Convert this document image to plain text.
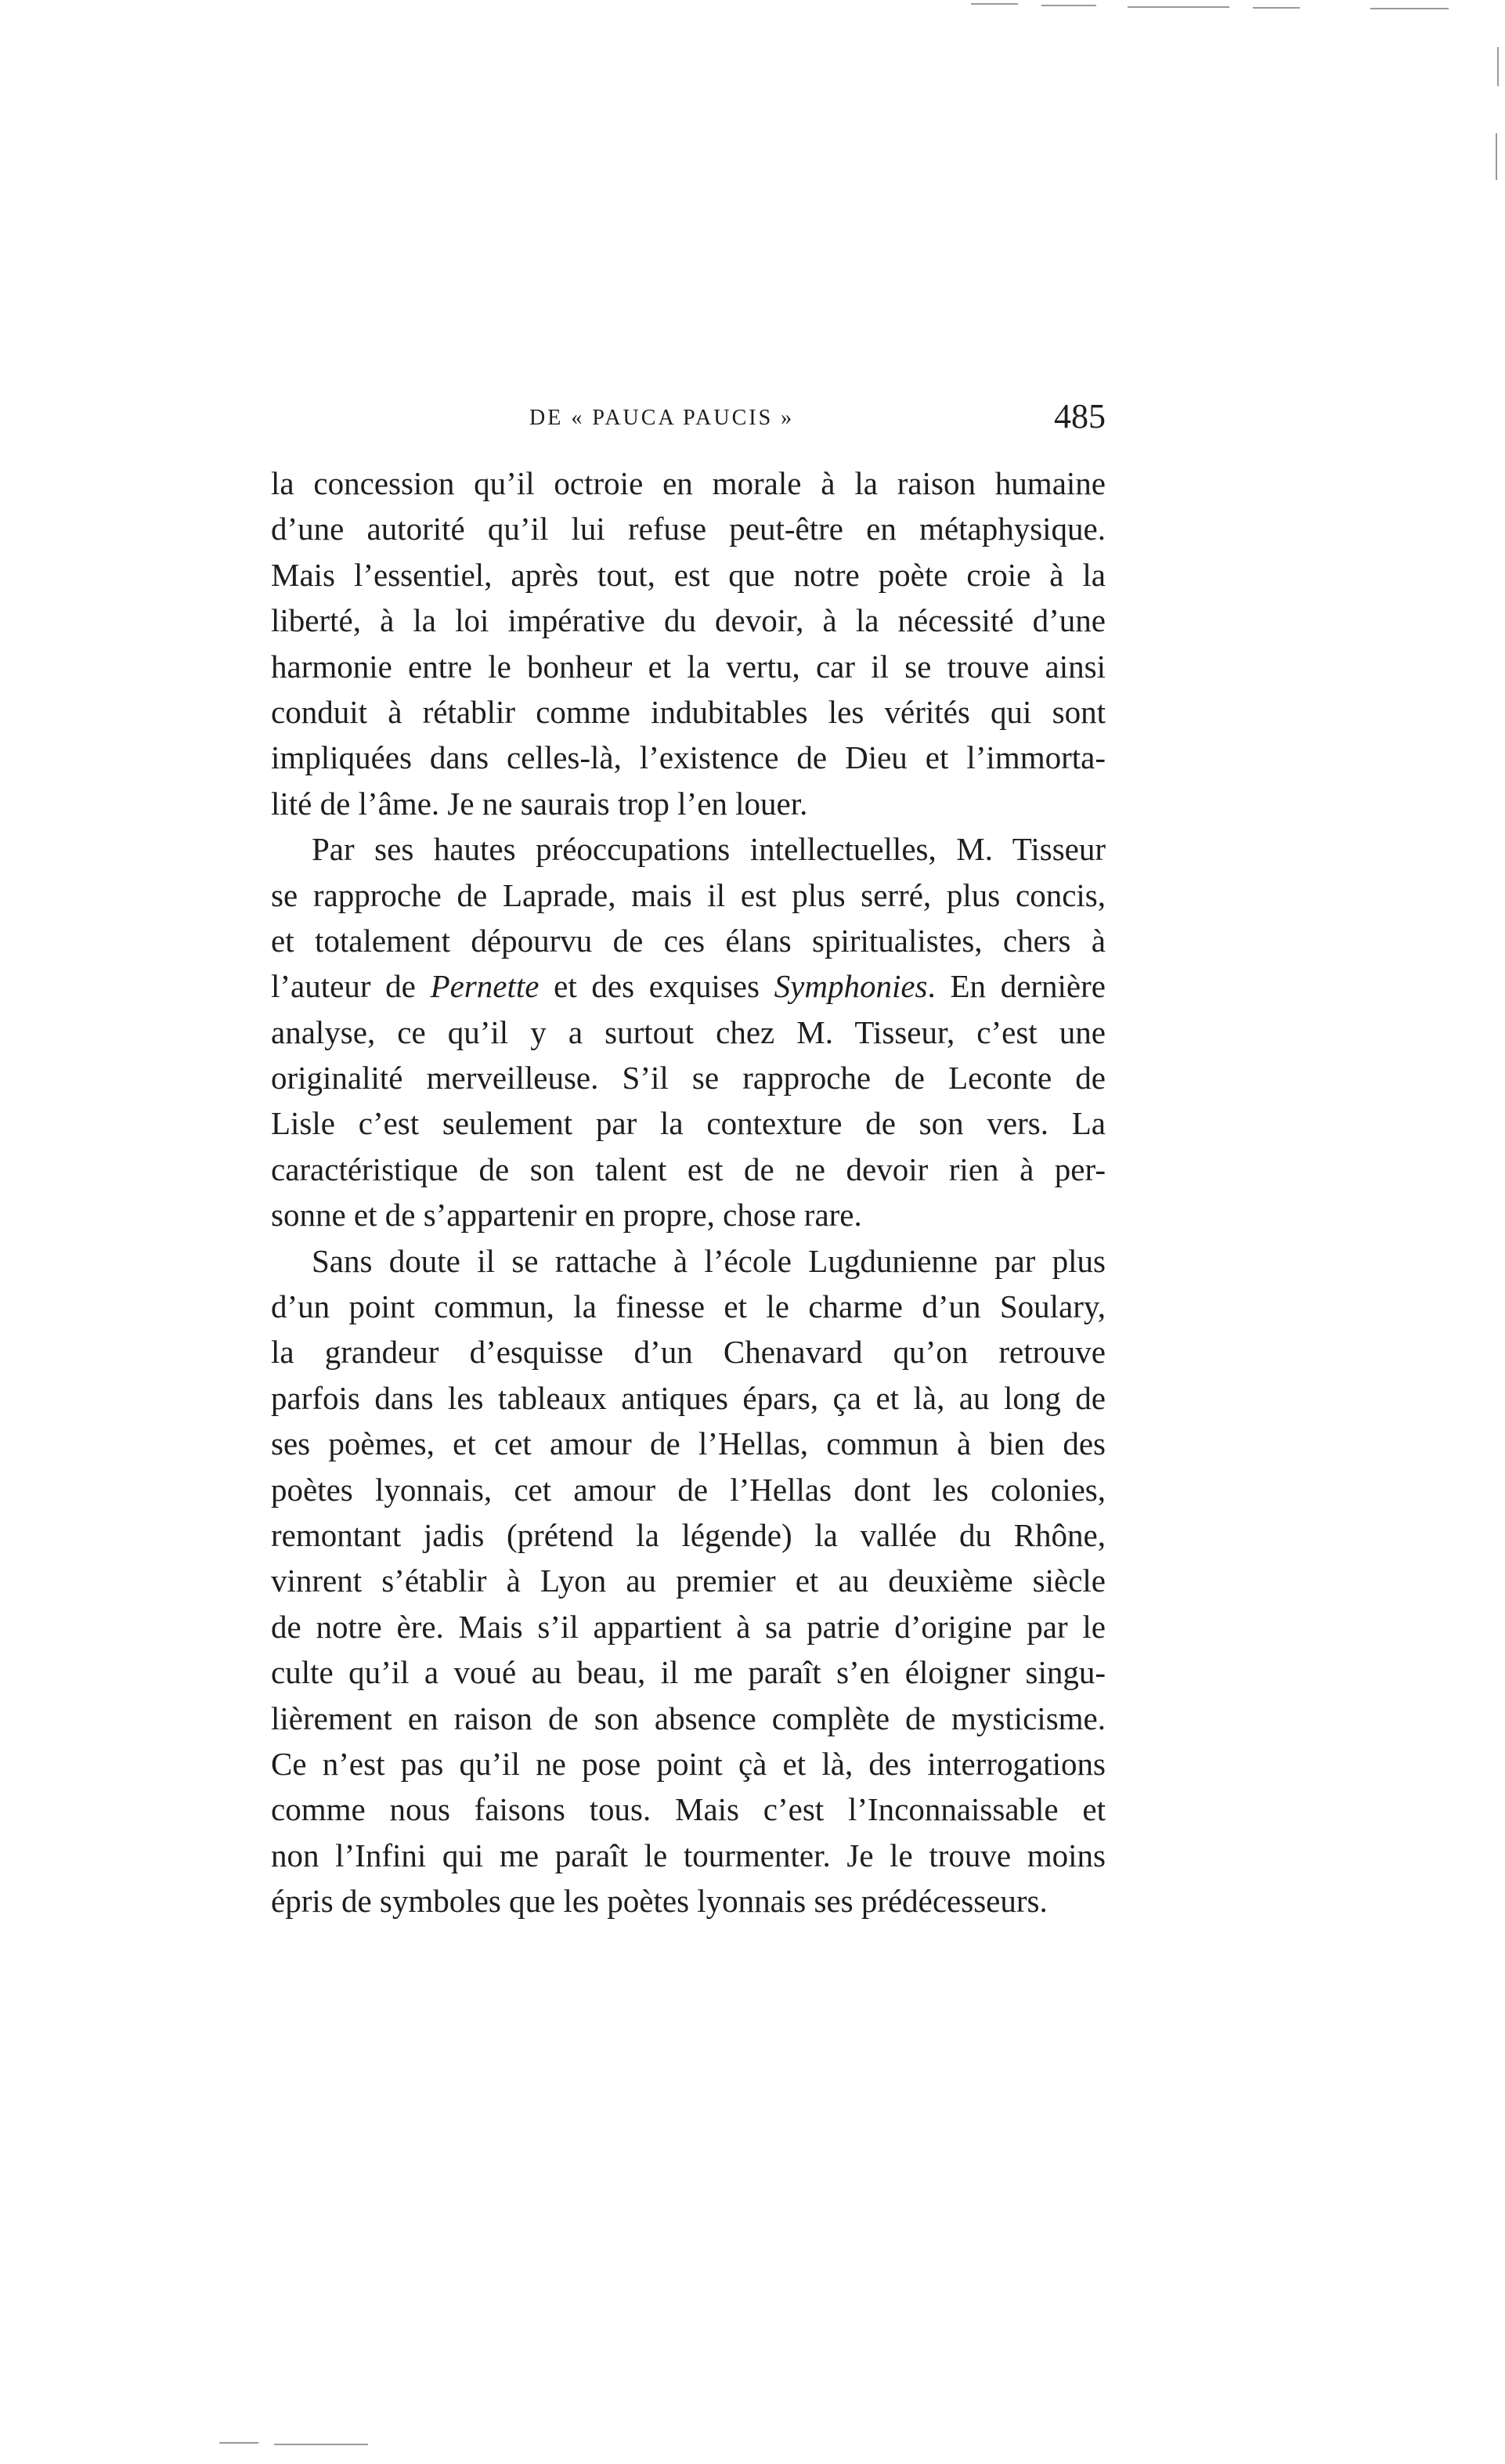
DE « PAUCA PAUCIS »	485
la concession qu’il octroie en morale à la raison humaine
d’une autorité qu’il lui refuse peut-être en métaphysique.
Mais l’essentiel, après tout, est que notre poète croie à la
liberté, à la loi impérative du devoir, à la nécessité d’une
harmonie entre le bonheur et la vertu, car il se trouve ainsi
conduit à rétablir comme indubitables les vérités qui sont
impliquées dans celles-là, l’existence de Dieu et l’immorta-
lité de l’âme. Je ne saurais trop l’en louer.
Par ses hautes préoccupations intellectuelles, M. Tisseur
se rapproche de Laprade, mais il est plus serré, plus concis,
et totalement dépourvu de ces élans spiritualistes, chers à
l’auteur de Pernette et des exquises Symphonies. En dernière
analyse, ce qu’il y a surtout chez M. Tisseur, c’est une
originalité merveilleuse. S’il se rapproche de Leconte de
Lisle c’est seulement par la contexture de son vers. La
caractéristique de son talent est de ne devoir rien à per-
sonne et de s’appartenir en propre, chose rare.
Sans doute il se rattache à l’école Lugdunienne par plus
d’un point commun, la finesse et le charme d’un Soulary,
la grandeur d’esquisse d’un Chenavard qu’on retrouve
parfois dans les tableaux antiques épars, ça et là, au long de
ses poèmes, et cet amour de l’Hellas, commun à bien des
poètes lyonnais, cet amour de l’Hellas dont les colonies,
remontant jadis (prétend la légende) la vallée du Rhône,
vinrent s’établir à Lyon au premier et au deuxième siècle
de notre ère. Mais s’il appartient à sa patrie d’origine par le
culte qu’il a voué au beau, il me paraît s’en éloigner singu-
lièrement en raison de son absence complète de mysticisme.
Ce n’est pas qu’il ne pose point çà et là, des interrogations
comme nous faisons tous. Mais c’est l’Inconnaissable et
non l’Infini qui me paraît le tourmenter. Je le trouve moins
épris de symboles que les poètes lyonnais ses prédécesseurs.
